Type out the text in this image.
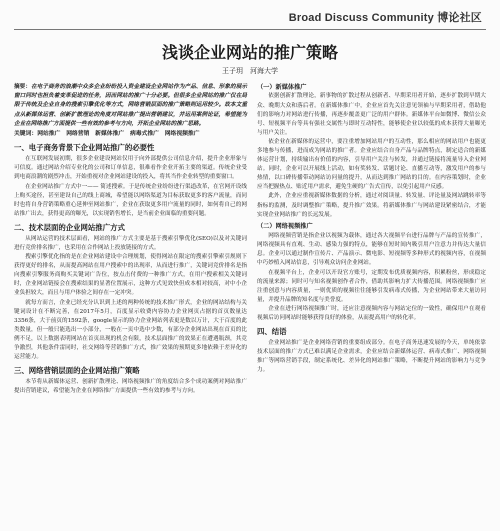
Broad Discuss Community 博论社区
浅谈企业网站的推广策略
王子玥　河海大学
摘要：在电子商务的浪潮中众多企业纷纷投入资金建设企业网站作为产品、信息、形象的展示窗口同时也担负着变革促进的任务，因而网站的推广十分必要。但很多企业网站的推广仅在局限于传统及企业自身的搜索引擎优化等方式，网络营销层面的推广策略则运用较少。故本文重点从新媒体运营、创新扩散理论的角度对网站推广提出营销建议，并运用案例论证，希望能为企业在网络推广方面提供一些有效的参考与方向，开拓企业网站的推广思路。
关键词：网站推广　网络营销　新媒体推广　病毒式推广　网络视频推广
一、电子商务背景下企业网站推广的必要性

在互联网发展初期，很多企业建设网站仅用于向外部提供公司信息介绍，提升企业形象与可信度。通过网站介绍专业化的公司和订单信息，很难看作企业开拓主要的渠道。传统企业受到电商浪潮的剧烈冲击，开始重视对企业网站建设的投入，将其当作企业转型的重要窗口。

在企业网站推广方式中一—— 简述搜索。于是传统企业纷纷进行渠道改革，在官网开设线上购买途径，甚至建设自己的线上商城，希望能以网络渠道为目标获取更多的客户流量，而同时也将自身营销策略重心延伸至网站推广，企业在获取更多用户流量的同时，如何将自己的网站推广出去，获得更高的曝光，以实现销售增长，是当前企业面临的重要问题。

二、技术层面的企业网站推广方式

从网站运营的技术层面看，网站的推广方式主要是基于搜索引擎优化(SEO)以及对关键词进行竞价排名推广，也采用在合作网站上投放链接的方式。

搜索引擎优化指的是在企业网站建设中合理规划，使得网站在限定的搜索引擎索引规则下获得更好的排名，从而提高网站在用户搜索中的出现率，从而进行推广，关键词竞价排名是指向搜索引擎服务商购买关键词广告位，按点击付费的一种推广方式，在用户搜索相关关键词时，企业网站链接会在搜索结果的显著位置展示，这种方式见效快但成本相对较高，对中小企业负担较大，而且与用户体验之间存在一定冲突。

就每方而言，企业已经充分认识到上述的两种传统的技术推广形式，企业的网站结构与关键词设计在不断完善，在2017年5月，百度显示收费内容协力企业网页占据的首页数量达3356条，大于前页的1592条，google显示的协力企业网站列表更是数以万计，大于百度的此类数量，但一般只能选出一小部分，一般在一页中选中少数，有部分企业网站出现在首页的比例不足，以上数据表明网站在首页出现的机会有限，技术层面推广的效果正在遭遇瓶颈，其竞争激烈，其他条件雷同时，社交网络等营销推广方式，推广效果的预期更多地依赖于差异化的运营能力。

三、网络营销层面的企业网站推广策略

本节将从新媒体运营、创新扩散理论、网络视频推广的角度结合多个成功案例对网站推广提出营销建议，希望能为企业在网络推广方面提供一些有效的参考与方向。

（一）新媒体推广

依据创新扩散理论，新事物的扩散过程从创新者、早期采用者开始，逐步扩散到早期大众、晚期大众和落后者。在新媒体推广中，企业应首先关注意见领袖与早期采用者，借助他们的影响力对网站进行传播，再逐步覆盖更广泛的用户群体。新媒体平台如微博、微信公众号、短视频平台等具有强社交属性与即时互动特性，能够使企业以较低的成本获得大量曝光与用户关注。

依企业在新媒体的运营中，要注重增加网站用户的互动性，那么相应的网站用户也能更多地参与传播，进而成为网站的推广者。企业应结合自身产品与品牌特点，制定适合的新媒体运营计划，持续输出有价值的内容，引导用户关注与转发，并通过链接将流量导入企业网站。同时，企业可以开展线上活动，如有奖转发、话题讨论、直播互动等，激发用户的参与热情，以口碑传播带动网站访问量的提升，从而达到推广网站的目的。在内容策划时，企业应当把握热点、贴近用户需求，避免生硬的广告式宣传，以免引起用户反感。

此外，企业应重视新媒体数据的分析，通过对阅读量、转发量、评论量及网站跳转率等指标的监测，及时调整推广策略，提升推广效果。将新媒体推广与网站建设紧密结合，才能实现企业网站推广的长远发展。

（二）网络视频推广

网络视频营销是指企业以视频为载体，通过各大视频平台进行品牌与产品的宣传推广，网络视频具有直观、生动、感染力强的特点，能够在短时间内吸引用户注意力并传达大量信息。企业可以通过制作宣传片、产品演示、微电影、短视频等多种形式的视频内容，在视频中巧妙植入网站信息，引导观众访问企业网站。

在视频平台上，企业可以开设官方账号，定期发布优质视频内容，积累粉丝，形成稳定的流量来源；同时可与知名视频创作者合作，借助其影响力扩大传播范围。网络视频推广应注重创意与内容质量，一则优质的视频往往能够引发病毒式传播，为企业网站带来大量访问量，并提升品牌的知名度与美誉度。

企业在进行网络视频推广时，还应注意视频内容与网站定位的一致性，确保用户在观看视频后访问网站时能够获得良好的体验，从而提高用户的转化率。

四、结语

企业网站推广是企业网络营销的重要组成部分。在电子商务迅速发展的今天，单纯依靠技术层面的推广方式已难以满足企业需求，企业应结合新媒体运营、病毒式推广、网络视频推广等网络营销手段，制定系统化、差异化的网站推广策略，不断提升网站的影响力与竞争力。
